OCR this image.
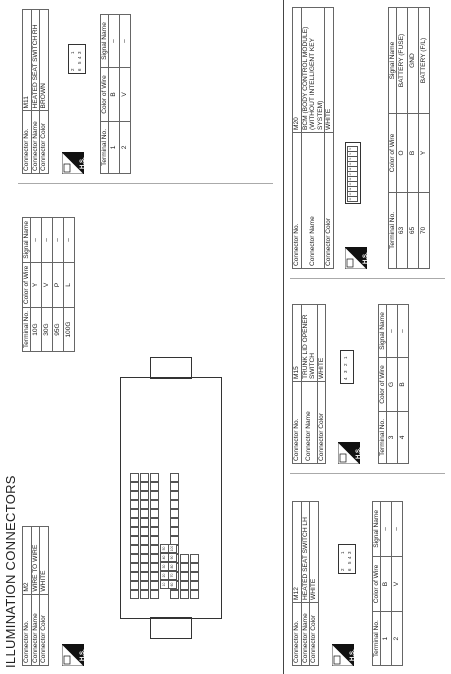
ILLUMINATION CONNECTORS Connector No.	M2
Connector Name	WIRE TO WIRE
Connector Color	WHITE
H.S.
10
20
30
40
50
60
70
80
90
100
Terminal No.	Color of Wire	Signal Name
10G	Y	–
30G	V	–
95G	P	–
100G	L	–
Connector No.	M11
Connector Name	HEATED SEAT SWITCH RH
Connector Color	BROWN
H.S.
2
1
6
5
4
3
Terminal No.	Color of Wire	Signal Name
1	B	–
2	V	–
Connector No.	M12
Connector Name	HEATED SEAT SWITCH LH
Connector Color	WHITE
H.S.
2
1
6
5
4
3
Terminal No.	Color of Wire	Signal Name
1	B	–
2	V	–
Connector No.	M15
Connector Name	TRUNK LID OPENER SWITCH
Connector Color	WHITE
H.S.
4
3
2
1
Terminal No.	Color of Wire	Signal Name
3	G	–
4	B	–
Connector No.	M20
Connector Name	BCM (BODY CONTROL MODULE) (WITHOUT INTELLIGENT KEY SYSTEM)
Connector Color	WHITE
H.S.
62
63
64
65
66
67
68
69
70
71
72
Terminal No.	Color of Wire	Signal Name
63	O	BATTERY (FUSE)
65	B	GND
70	Y	BATTERY (F/L)
